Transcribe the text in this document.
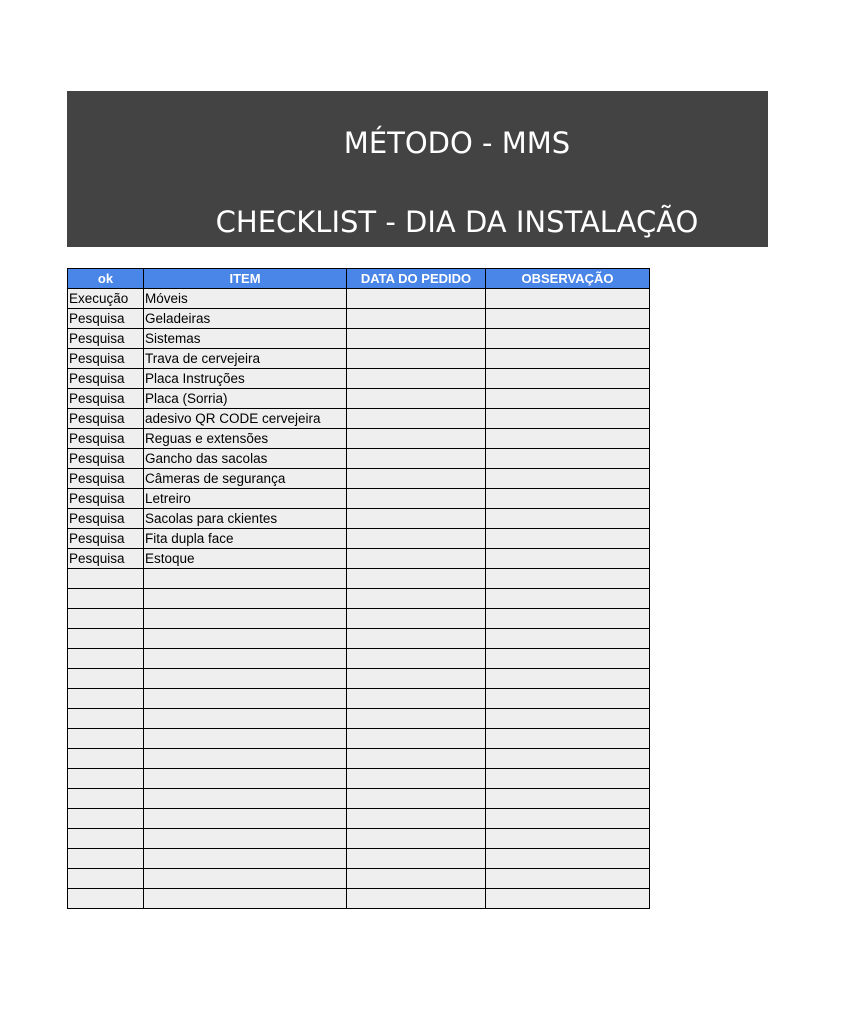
MÉTODO - MMS
CHECKLIST - DIA DA INSTALAÇÃO
ok	ITEM	DATA DO PEDIDO	OBSERVAÇÃO
Execução	Móveis		
Pesquisa	Geladeiras		
Pesquisa	Sistemas		
Pesquisa	Trava de cervejeira		
Pesquisa	Placa Instruções		
Pesquisa	Placa (Sorria)		
Pesquisa	adesivo QR CODE cervejeira		
Pesquisa	Reguas e extensões		
Pesquisa	Gancho das sacolas		
Pesquisa	Câmeras de segurança		
Pesquisa	Letreiro		
Pesquisa	Sacolas para ckientes		
Pesquisa	Fita dupla face		
Pesquisa	Estoque		
